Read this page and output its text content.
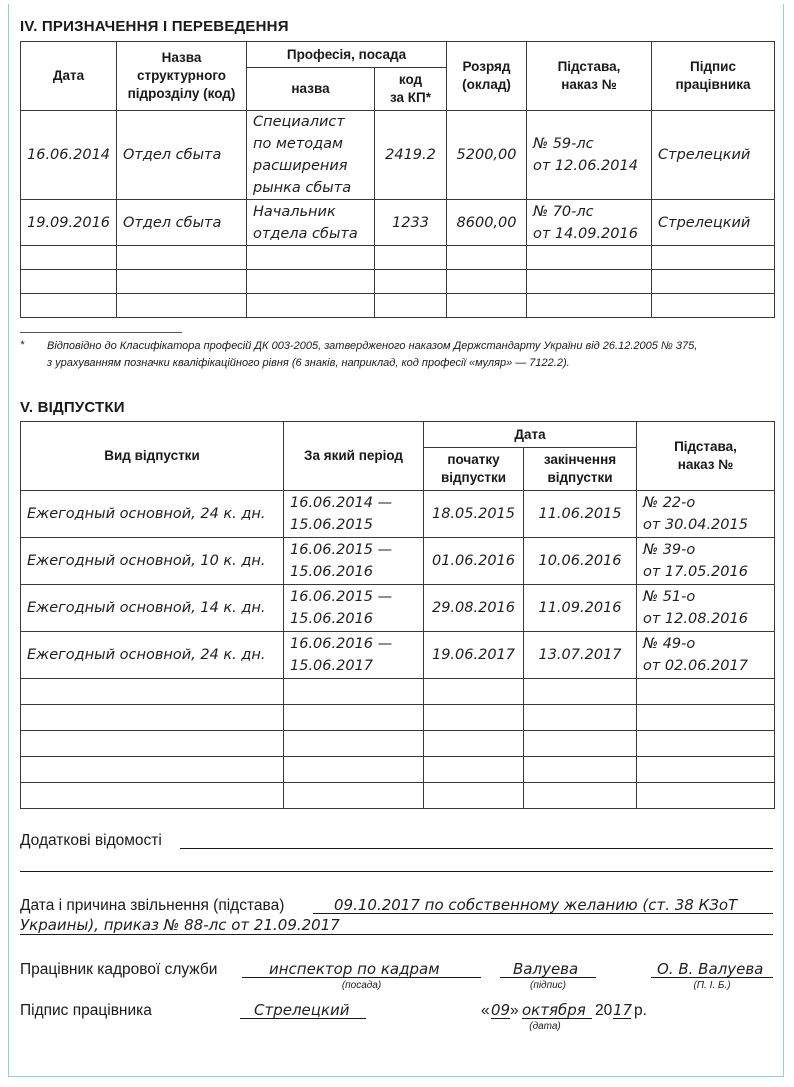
IV. ПРИЗНАЧЕННЯ І ПЕРЕВЕДЕННЯ
Дата	Назва
структурного
підрозділу (код)	Професія, посада		Розряд
(оклад)	Підстава,
наказ №	Підпис
працівника
		назва	код
за КП*			
16.06.2014	Отдел сбыта	Специалист
по методам
расширения
рынка сбыта	2419.2	5200,00	№ 59-лс
от 12.06.2014	Стрелецкий
19.09.2016	Отдел сбыта	Начальник
отдела сбыта	1233	8600,00	№ 70-лс
от 14.09.2016	Стрелецкий

* Відповідно до Класифікатора професій ДК 003-2005, затвердженого наказом Держстандарту України від 26.12.2005 № 375,
з урахуванням позначки кваліфікаційного рівня (6 знаків, наприклад, код професії «муляр» — 7122.2).
V. ВІДПУСТКИ
Вид відпустки	За який період	Дата		Підстава,
наказ №
		початку
відпустки	закінчення
відпустки	
Ежегодный основной, 24 к. дн.	16.06.2014 —
15.06.2015	18.05.2015	11.06.2015	№ 22-о
от 30.04.2015
Ежегодный основной, 10 к. дн.	16.06.2015 —
15.06.2016	01.06.2016	10.06.2016	№ 39-о
от 17.05.2016
Ежегодный основной, 14 к. дн.	16.06.2015 —
15.06.2016	29.08.2016	11.09.2016	№ 51-о
от 12.08.2016
Ежегодный основной, 24 к. дн.	16.06.2016 —
15.06.2017	19.06.2017	13.07.2017	№ 49-о
от 02.06.2017

Додаткові відомості
Дата і причина звільнення (підстава)	09.10.2017 по собственному желанию (ст. 38 КЗоТ
Украины), приказ № 88-лс от 21.09.2017
Працівник кадрової служби	инспектор по кадрам
(посада)
Валуева
(підпис)
О. В. Валуева
(П. І. Б.)
Підпис працівника	Стрелецкий	« 09 » октября 20 17 р.
(дата)
